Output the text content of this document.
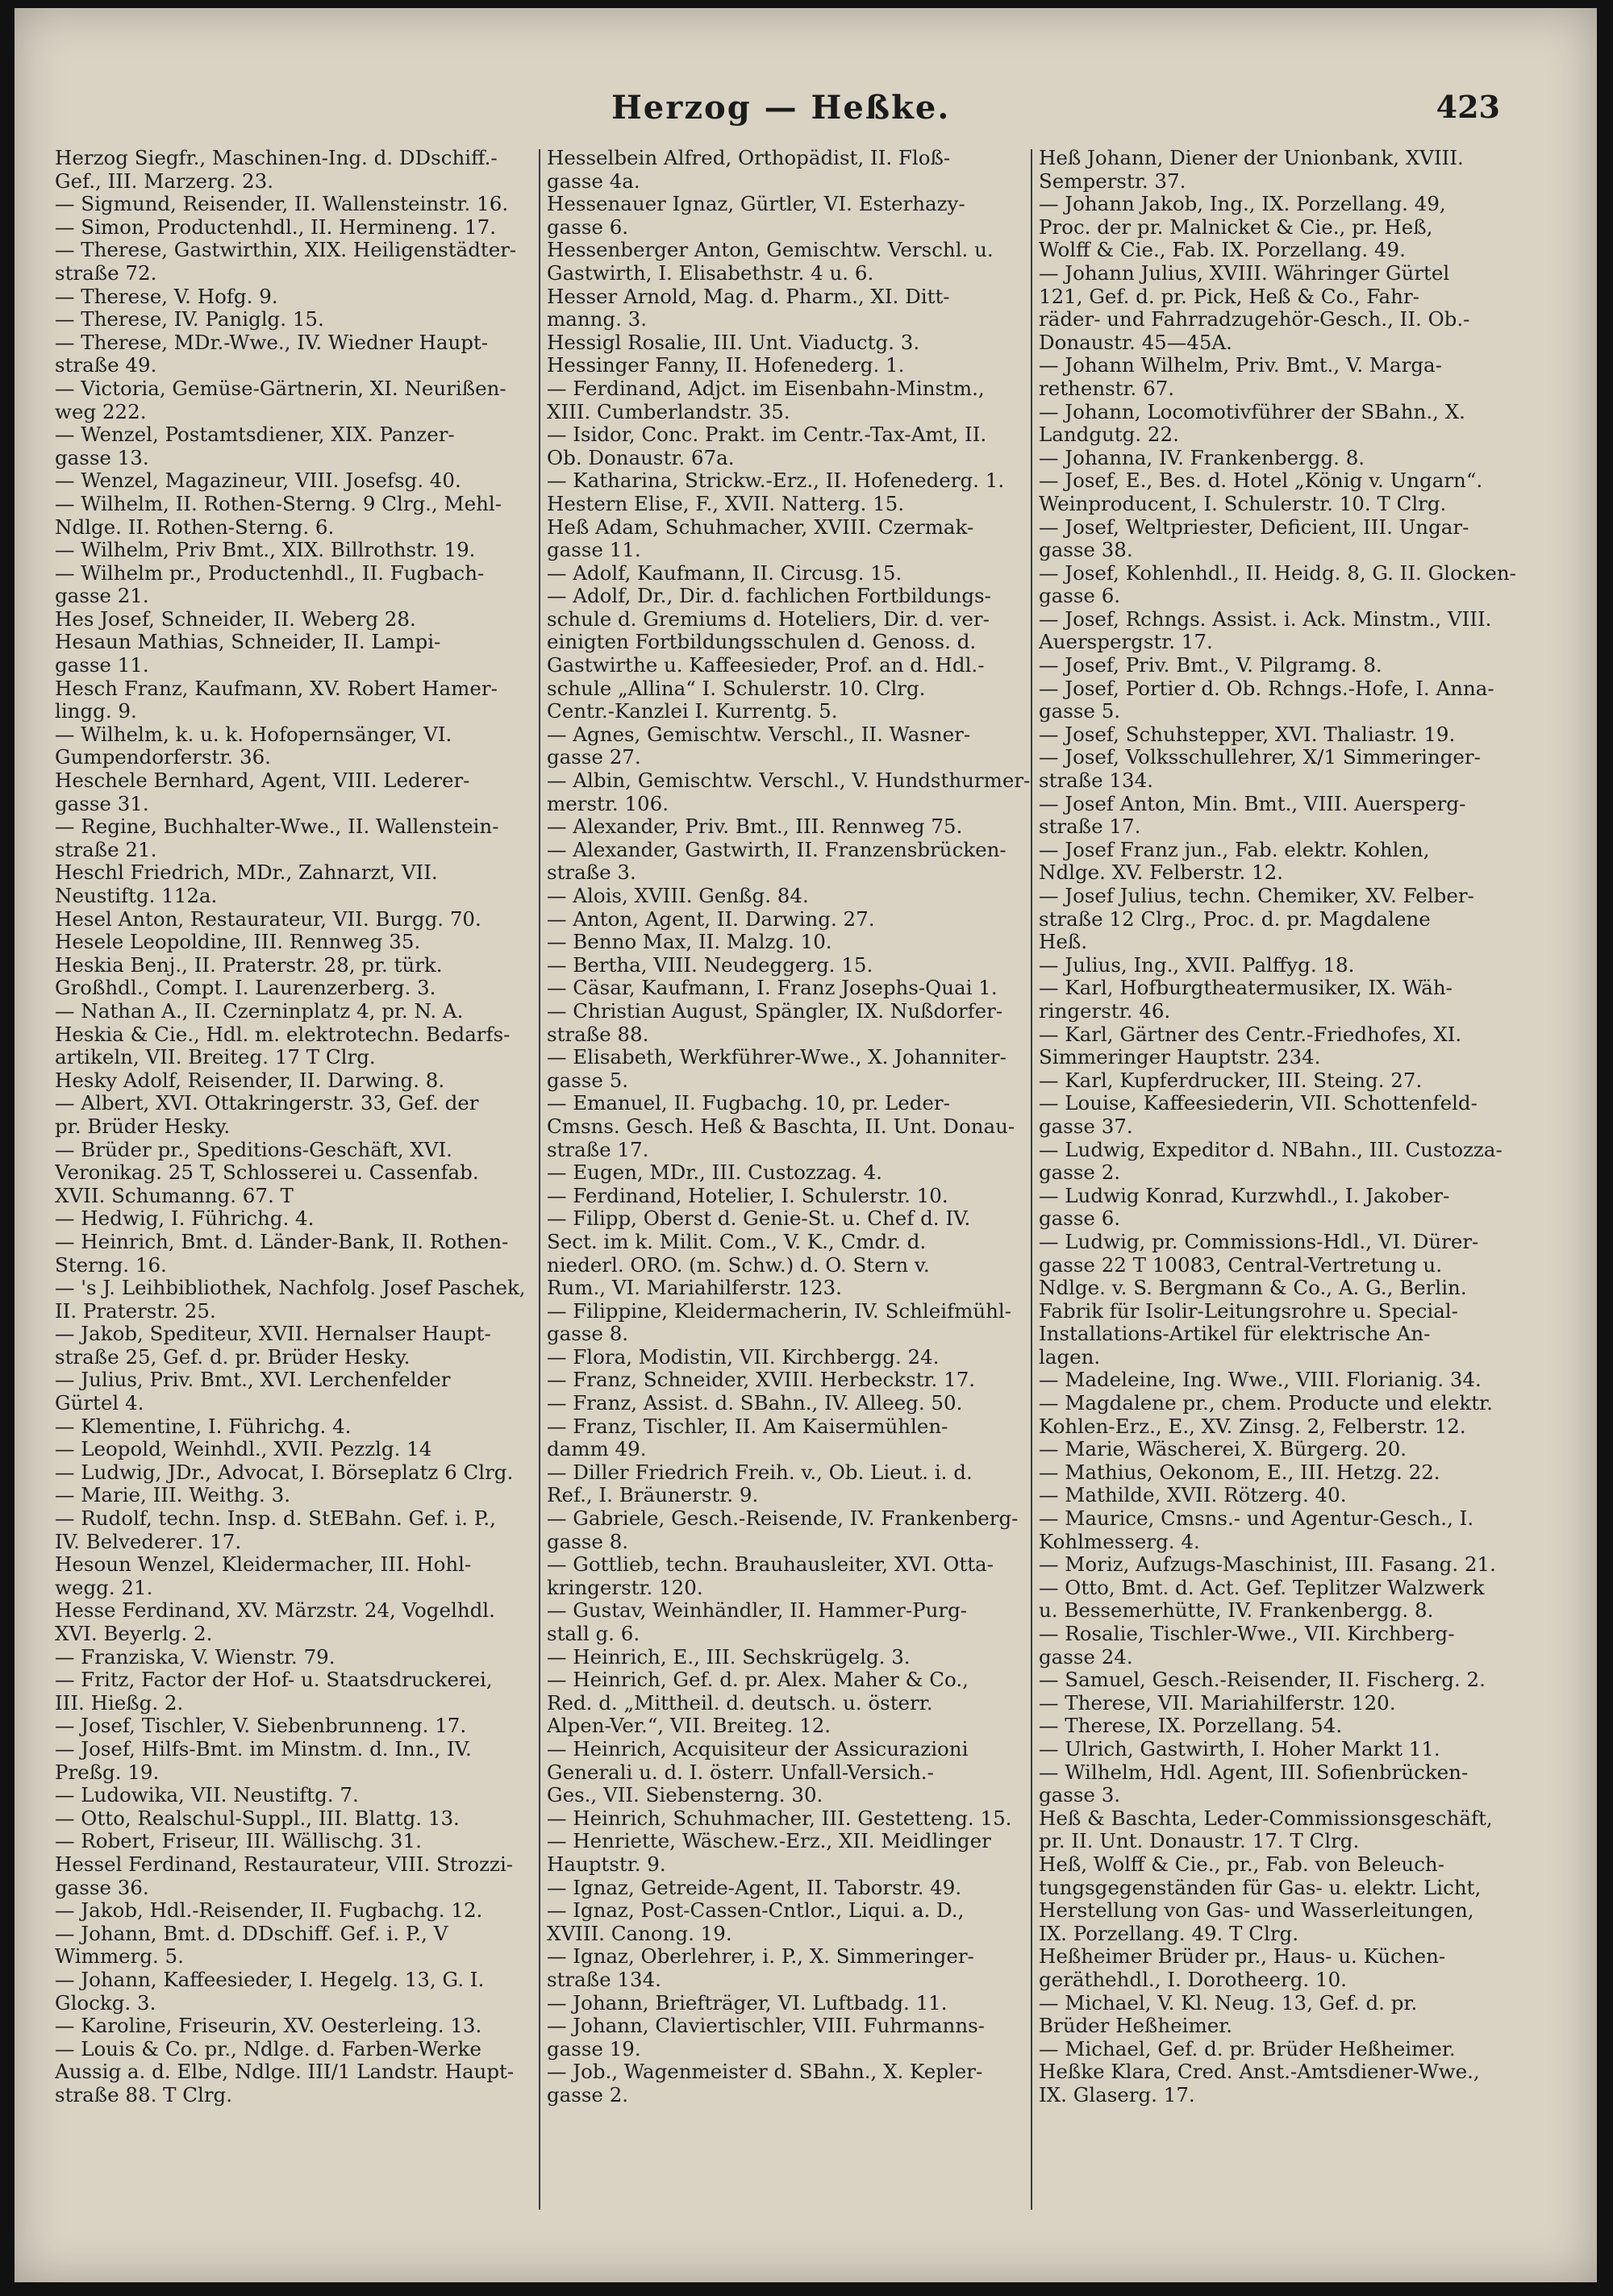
Herzog — Heßke.	423
Herzog Siegfr., Maschinen-Ing. d. DDschiff.-
Gef., III. Marzerg. 23.
— Sigmund, Reisender, II. Wallensteinstr. 16.
— Simon, Productenhdl., II. Hermineng. 17.
— Therese, Gastwirthin, XIX. Heiligenstädter-
straße 72.
— Therese, V. Hofg. 9.
— Therese, IV. Paniglg. 15.
— Therese, MDr.-Wwe., IV. Wiedner Haupt-
straße 49.
— Victoria, Gemüse-Gärtnerin, XI. Neurißen-
weg 222.
— Wenzel, Postamtsdiener, XIX. Panzer-
gasse 13.
— Wenzel, Magazineur, VIII. Josefsg. 40.
— Wilhelm, II. Rothen-Sterng. 9 Clrg., Mehl-
Ndlge. II. Rothen-Sterng. 6.
— Wilhelm, Priv Bmt., XIX. Billrothstr. 19.
— Wilhelm pr., Productenhdl., II. Fugbach-
gasse 21.
Hes Josef, Schneider, II. Weberg 28.
Hesaun Mathias, Schneider, II. Lampi-
gasse 11.
Hesch Franz, Kaufmann, XV. Robert Hamer-
lingg. 9.
— Wilhelm, k. u. k. Hofopernsänger, VI.
Gumpendorferstr. 36.
Heschele Bernhard, Agent, VIII. Lederer-
gasse 31.
— Regine, Buchhalter-Wwe., II. Wallenstein-
straße 21.
Heschl Friedrich, MDr., Zahnarzt, VII.
Neustiftg. 112a.
Hesel Anton, Restaurateur, VII. Burgg. 70.
Hesele Leopoldine, III. Rennweg 35.
Heskia Benj., II. Praterstr. 28, pr. türk.
Großhdl., Compt. I. Laurenzerberg. 3.
— Nathan A., II. Czerninplatz 4, pr. N. A.
Heskia & Cie., Hdl. m. elektrotechn. Bedarfs-
artikeln, VII. Breiteg. 17 T Clrg.
Hesky Adolf, Reisender, II. Darwing. 8.
— Albert, XVI. Ottakringerstr. 33, Gef. der
pr. Brüder Hesky.
— Brüder pr., Speditions-Geschäft, XVI.
Veronikag. 25 T, Schlosserei u. Cassenfab.
XVII. Schumanng. 67. T
— Hedwig, I. Führichg. 4.
— Heinrich, Bmt. d. Länder-Bank, II. Rothen-
Sterng. 16.
— 's J. Leihbibliothek, Nachfolg. Josef Paschek,
II. Praterstr. 25.
— Jakob, Spediteur, XVII. Hernalser Haupt-
straße 25, Gef. d. pr. Brüder Hesky.
— Julius, Priv. Bmt., XVI. Lerchenfelder
Gürtel 4.
— Klementine, I. Führichg. 4.
— Leopold, Weinhdl., XVII. Pezzlg. 14
— Ludwig, JDr., Advocat, I. Börseplatz 6 Clrg.
— Marie, III. Weithg. 3.
— Rudolf, techn. Insp. d. StEBahn. Gef. i. P.,
IV. Belvederег. 17.
Hesoun Wenzel, Kleidermacher, III. Hohl-
wegg. 21.
Hesse Ferdinand, XV. Märzstr. 24, Vogelhdl.
XVI. Beyerlg. 2.
— Franziska, V. Wienstr. 79.
— Fritz, Factor der Hof- u. Staatsdruckerei,
III. Hießg. 2.
— Josef, Tischler, V. Siebenbrunneng. 17.
— Josef, Hilfs-Bmt. im Minstm. d. Inn., IV.
Preßg. 19.
— Ludowika, VII. Neustiftg. 7.
— Otto, Realschul-Suppl., III. Blattg. 13.
— Robert, Friseur, III. Wällischg. 31.
Hessel Ferdinand, Restaurateur, VIII. Strozzi-
gasse 36.
— Jakob, Hdl.-Reisender, II. Fugbachg. 12.
— Johann, Bmt. d. DDschiff. Gef. i. P., V
Wimmerg. 5.
— Johann, Kaffeesieder, I. Hegelg. 13, G. I.
Glockg. 3.
— Karoline, Friseurin, XV. Oesterleing. 13.
— Louis & Co. pr., Ndlge. d. Farben-Werke
Aussig a. d. Elbe, Ndlge. III/1 Landstr. Haupt-
straße 88. T Clrg.
Hesselbein Alfred, Orthopädist, II. Floß-
gasse 4a.
Hessenauer Ignaz, Gürtler, VI. Esterhazy-
gasse 6.
Hessenberger Anton, Gemischtw. Verschl. u.
Gastwirth, I. Elisabethstr. 4 u. 6.
Hesser Arnold, Mag. d. Pharm., XI. Ditt-
manng. 3.
Hessigl Rosalie, III. Unt. Viaductg. 3.
Hessinger Fanny, II. Hofenederg. 1.
— Ferdinand, Adjct. im Eisenbahn-Minstm.,
XIII. Cumberlandstr. 35.
— Isidor, Conc. Prakt. im Centr.-Tax-Amt, II.
Ob. Donaustr. 67a.
— Katharina, Strickw.-Erz., II. Hofenederg. 1.
Hestern Elise, F., XVII. Natterg. 15.
Heß Adam, Schuhmacher, XVIII. Czermak-
gasse 11.
— Adolf, Kaufmann, II. Circusg. 15.
— Adolf, Dr., Dir. d. fachlichen Fortbildungs-
schule d. Gremiums d. Hoteliers, Dir. d. ver-
einigten Fortbildungsschulen d. Genoss. d.
Gastwirthe u. Kaffeesieder, Prof. an d. Hdl.-
schule „Allina“ I. Schulerstr. 10. Clrg.
Centr.-Kanzlei I. Kurrentg. 5.
— Agnes, Gemischtw. Verschl., II. Wasner-
gasse 27.
— Albin, Gemischtw. Verschl., V. Hundsthurmer-
merstr. 106.
— Alexander, Priv. Bmt., III. Rennweg 75.
— Alexander, Gastwirth, II. Franzensbrücken-
straße 3.
— Alois, XVIII. Genßg. 84.
— Anton, Agent, II. Darwing. 27.
— Benno Max, II. Malzg. 10.
— Bertha, VIII. Neudeggerg. 15.
— Cäsar, Kaufmann, I. Franz Josephs-Quai 1.
— Christian August, Spängler, IX. Nußdorfer-
straße 88.
— Elisabeth, Werkführer-Wwe., X. Johanniter-
gasse 5.
— Emanuel, II. Fugbachg. 10, pr. Leder-
Cmsns. Gesch. Heß & Baschta, II. Unt. Donau-
straße 17.
— Eugen, MDr., III. Custozzag. 4.
— Ferdinand, Hotelier, I. Schulerstr. 10.
— Filipp, Oberst d. Genie-St. u. Chef d. IV.
Sect. im k. Milit. Com., V. K., Cmdr. d.
niederl. ORO. (m. Schw.) d. O. Stern v.
Rum., VI. Mariahilferstr. 123.
— Filippine, Kleidermacherin, IV. Schleifmühl-
gasse 8.
— Flora, Modistin, VII. Kirchbergg. 24.
— Franz, Schneider, XVIII. Herbeckstr. 17.
— Franz, Assist. d. SBahn., IV. Alleeg. 50.
— Franz, Tischler, II. Am Kaisermühlen-
damm 49.
— Diller Friedrich Freih. v., Ob. Lieut. i. d.
Ref., I. Bräunerstr. 9.
— Gabriele, Gesch.-Reisende, IV. Frankenberg-
gasse 8.
— Gottlieb, techn. Brauhausleiter, XVI. Otta-
kringerstr. 120.
— Gustav, Weinhändler, II. Hammer-Purg-
stall g. 6.
— Heinrich, E., III. Sechskrügelg. 3.
— Heinrich, Gef. d. pr. Alex. Maher & Co.,
Red. d. „Mittheil. d. deutsch. u. österr.
Alpen-Ver.“, VII. Breiteg. 12.
— Heinrich, Acquisiteur der Assicurazioni
Generali u. d. I. österr. Unfall-Versich.-
Ges., VII. Siebensterng. 30.
— Heinrich, Schuhmacher, III. Gestetteng. 15.
— Henriette, Wäschew.-Erz., XII. Meidlinger
Hauptstr. 9.
— Ignaz, Getreide-Agent, II. Taborstr. 49.
— Ignaz, Post-Cassen-Cntlor., Liqui. a. D.,
XVIII. Canong. 19.
— Ignaz, Oberlehrer, i. P., X. Simmeringer-
straße 134.
— Johann, Briefträger, VI. Luftbadg. 11.
— Johann, Claviertischler, VIII. Fuhrmanns-
gasse 19.
— Job., Wagenmeister d. SBahn., X. Kepler-
gasse 2.
Heß Johann, Diener der Unionbank, XVIII.
Semperstr. 37.
— Johann Jakob, Ing., IX. Porzellang. 49,
Proc. der pr. Malnicket & Cie., pr. Heß,
Wolff & Cie., Fab. IX. Porzellang. 49.
— Johann Julius, XVIII. Währinger Gürtel
121, Gef. d. pr. Pick, Heß & Co., Fahr-
räder- und Fahrradzugehör-Gesch., II. Ob.-
Donaustr. 45—45A.
— Johann Wilhelm, Priv. Bmt., V. Marga-
rethenstr. 67.
— Johann, Locomotivführer der SBahn., X.
Landgutg. 22.
— Johanna, IV. Frankenbergg. 8.
— Josef, E., Bes. d. Hotel „König v. Ungarn“.
Weinproducent, I. Schulerstr. 10. T Clrg.
— Josef, Weltpriester, Deficient, III. Ungar-
gasse 38.
— Josef, Kohlenhdl., II. Heidg. 8, G. II. Glocken-
gasse 6.
— Josef, Rchngs. Assist. i. Ack. Minstm., VIII.
Auerspergstr. 17.
— Josef, Priv. Bmt., V. Pilgramg. 8.
— Josef, Portier d. Ob. Rchngs.-Hofe, I. Anna-
gasse 5.
— Josef, Schuhstepper, XVI. Thaliastr. 19.
— Josef, Volksschullehrer, X/1 Simmeringer-
straße 134.
— Josef Anton, Min. Bmt., VIII. Auersperg-
straße 17.
— Josef Franz jun., Fab. elektr. Kohlen,
Ndlge. XV. Felberstr. 12.
— Josef Julius, techn. Chemiker, XV. Felber-
straße 12 Clrg., Proc. d. pr. Magdalene
Heß.
— Julius, Ing., XVII. Palffyg. 18.
— Karl, Hofburgtheatermusiker, IX. Wäh-
ringerstr. 46.
— Karl, Gärtner des Centr.-Friedhofes, XI.
Simmeringer Hauptstr. 234.
— Karl, Kupferdrucker, III. Steing. 27.
— Louise, Kaffeesiederin, VII. Schottenfeld-
gasse 37.
— Ludwig, Expeditor d. NBahn., III. Custozza-
gasse 2.
— Ludwig Konrad, Kurzwhdl., I. Jakober-
gasse 6.
— Ludwig, pr. Commissions-Hdl., VI. Dürer-
gasse 22 T 10083, Central-Vertretung u.
Ndlge. v. S. Bergmann & Co., A. G., Berlin.
Fabrik für Isolir-Leitungsrohre u. Special-
Installations-Artikel für elektrische An-
lagen.
— Madeleine, Ing. Wwe., VIII. Florianig. 34.
— Magdalene pr., chem. Producte und elektr.
Kohlen-Erz., E., XV. Zinsg. 2, Felberstr. 12.
— Marie, Wäscherei, X. Bürgerg. 20.
— Mathius, Oekonom, E., III. Hetzg. 22.
— Mathilde, XVII. Rötzerg. 40.
— Maurice, Cmsns.- und Agentur-Gesch., I.
Kohlmesserg. 4.
— Moriz, Aufzugs-Maschinist, III. Fasang. 21.
— Otto, Bmt. d. Act. Gef. Teplitzer Walzwerk
u. Bessemerhütte, IV. Frankenbergg. 8.
— Rosalie, Tischler-Wwe., VII. Kirchberg-
gasse 24.
— Samuel, Gesch.-Reisender, II. Fischerg. 2.
— Therese, VII. Mariahilferstr. 120.
— Therese, IX. Porzellang. 54.
— Ulrich, Gastwirth, I. Hoher Markt 11.
— Wilhelm, Hdl. Agent, III. Sofienbrücken-
gasse 3.
Heß & Baschta, Leder-Commissionsgeschäft,
pr. II. Unt. Donaustr. 17. T Clrg.
Heß, Wolff & Cie., pr., Fab. von Beleuch-
tungsgegenständen für Gas- u. elektr. Licht,
Herstellung von Gas- und Wasserleitungen,
IX. Porzellang. 49. T Clrg.
Heßheimer Brüder pr., Haus- u. Küchen-
geräthehdl., I. Dorotheerg. 10.
— Michael, V. Kl. Neug. 13, Gef. d. pr.
Brüder Heßheimer.
— Michael, Gef. d. pr. Brüder Heßheimer.
Heßke Klara, Cred. Anst.-Amtsdiener-Wwe.,
IX. Glaserg. 17.
